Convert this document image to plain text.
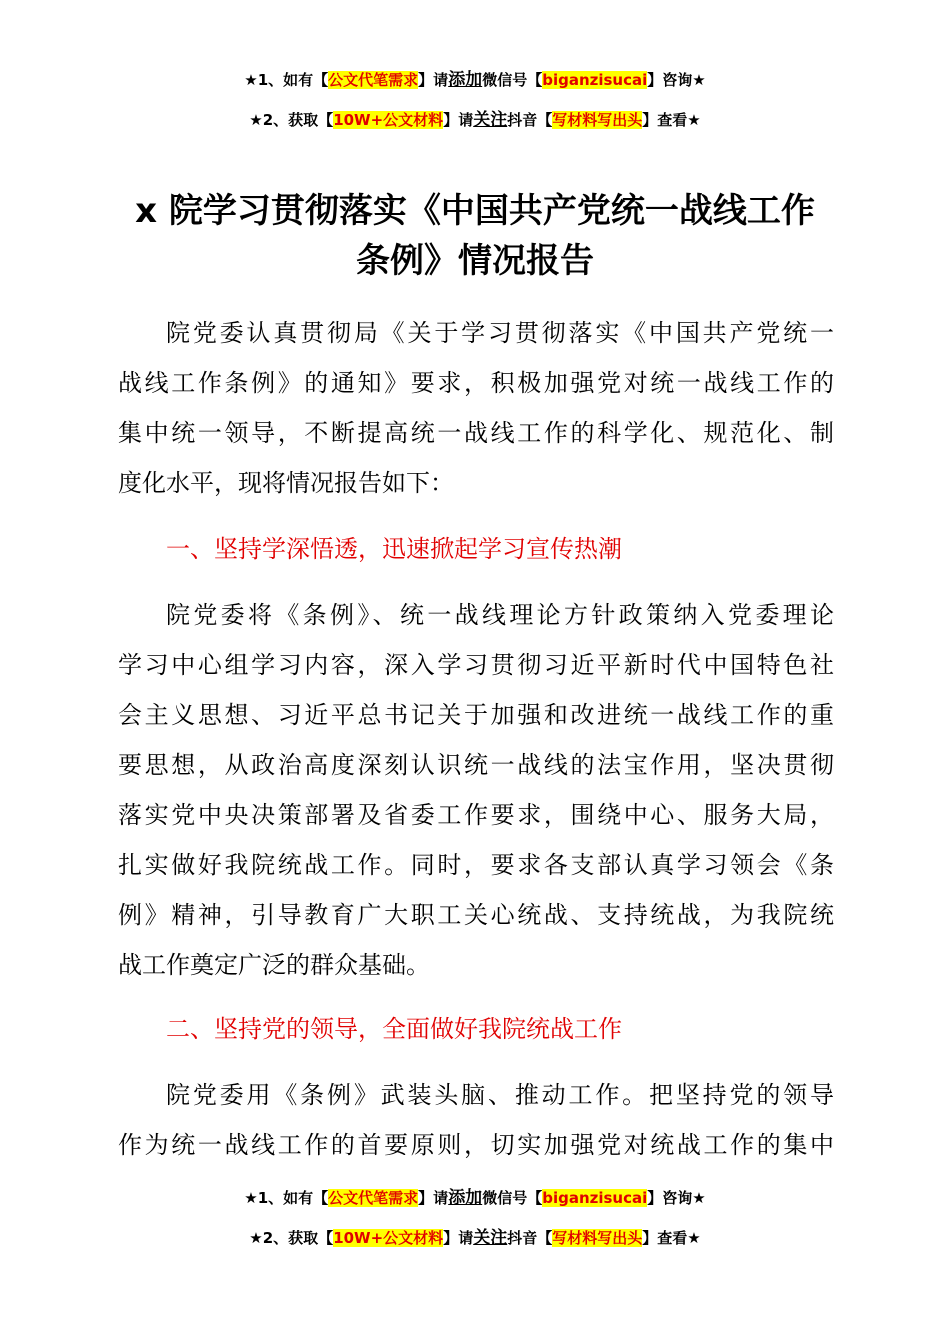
★1、如有【公文代笔需求】请添加微信号【biganzisucai】咨询★
★2、获取【10W+公文材料】请关注抖音【写材料写出头】查看★
x 院学习贯彻落实《中国共产党统一战线工作
条例》情况报告
院党委认真贯彻局《关于学习贯彻落实《中国共产党统一
战线工作条例》的通知》要求，积极加强党对统一战线工作的
集中统一领导，不断提高统一战线工作的科学化、规范化、制
度化水平，现将情况报告如下：
一、坚持学深悟透，迅速掀起学习宣传热潮
院党委将《条例》、统一战线理论方针政策纳入党委理论
学习中心组学习内容，深入学习贯彻习近平新时代中国特色社
会主义思想、习近平总书记关于加强和改进统一战线工作的重
要思想，从政治高度深刻认识统一战线的法宝作用，坚决贯彻
落实党中央决策部署及省委工作要求，围绕中心、服务大局，
扎实做好我院统战工作。同时，要求各支部认真学习领会《条
例》精神，引导教育广大职工关心统战、支持统战，为我院统
战工作奠定广泛的群众基础。
二、坚持党的领导，全面做好我院统战工作
院党委用《条例》武装头脑、推动工作。把坚持党的领导
作为统一战线工作的首要原则，切实加强党对统战工作的集中
★1、如有【公文代笔需求】请添加微信号【biganzisucai】咨询★
★2、获取【10W+公文材料】请关注抖音【写材料写出头】查看★
